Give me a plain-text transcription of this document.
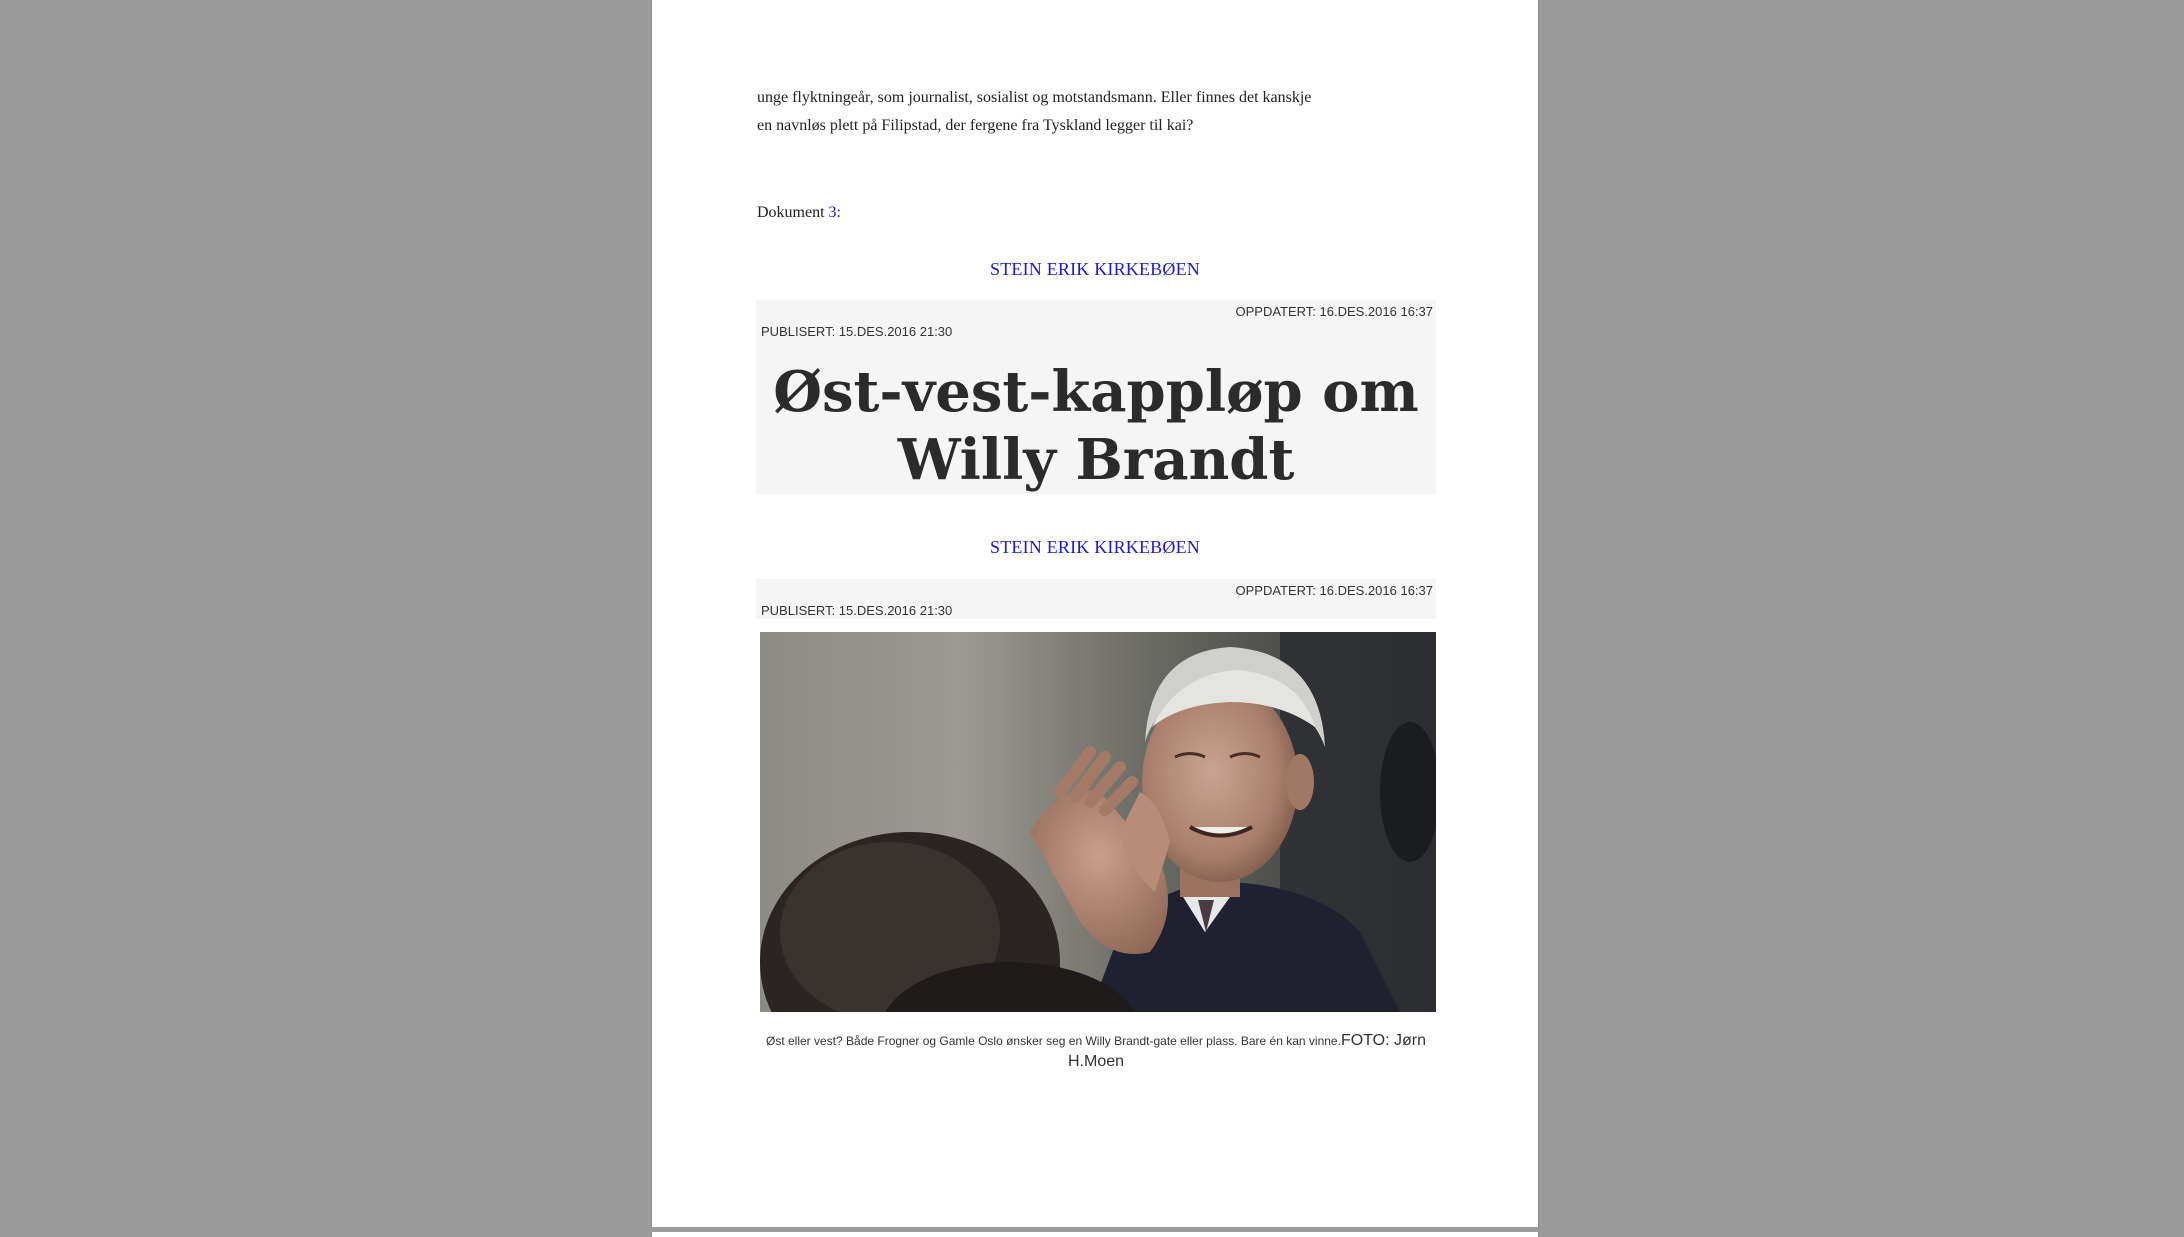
unge flyktningeår, som journalist, sosialist og motstandsmann. Eller finnes det kanskje
en navnløs plett på Filipstad, der fergene fra Tyskland legger til kai?
Dokument 3:
STEIN ERIK KIRKEBØEN
OPPDATERT: 16.DES.2016 16:37
PUBLISERT: 15.DES.2016 21:30
Øst-vest-kappløp om
Willy Brandt
STEIN ERIK KIRKEBØEN
OPPDATERT: 16.DES.2016 16:37
PUBLISERT: 15.DES.2016 21:30
Øst eller vest? Både Frogner og Gamle Oslo ønsker seg en Willy Brandt-gate eller plass. Bare én kan vinne.FOTO: Jørn
H.Moen
